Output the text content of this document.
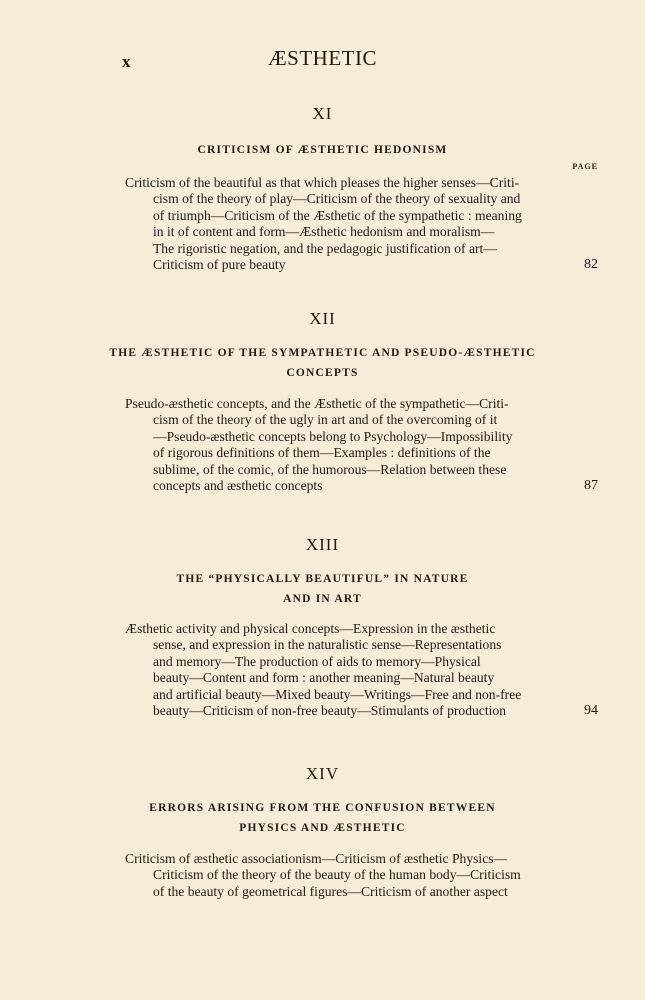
x	ÆSTHETIC
XI
CRITICISM OF ÆSTHETIC HEDONISM
PAGE
Criticism of the beautiful as that which pleases the higher senses—Criti-
cism of the theory of play—Criticism of the theory of sexuality and
of triumph—Criticism of the Æsthetic of the sympathetic : meaning
in it of content and form—Æsthetic hedonism and moralism—
The rigoristic negation, and the pedagogic justification of art—
Criticism of pure beauty	82
XII
THE ÆSTHETIC OF THE SYMPATHETIC AND PSEUDO-ÆSTHETIC
CONCEPTS
Pseudo-æsthetic concepts, and the Æsthetic of the sympathetic—Criti-
cism of the theory of the ugly in art and of the overcoming of it
—Pseudo-æsthetic concepts belong to Psychology—Impossibility
of rigorous definitions of them—Examples : definitions of the
sublime, of the comic, of the humorous—Relation between these
concepts and æsthetic concepts	87
XIII
THE “PHYSICALLY BEAUTIFUL” IN NATURE
AND IN ART
Æsthetic activity and physical concepts—Expression in the æsthetic
sense, and expression in the naturalistic sense—Representations
and memory—The production of aids to memory—Physical
beauty—Content and form : another meaning—Natural beauty
and artificial beauty—Mixed beauty—Writings—Free and non-free
beauty—Criticism of non-free beauty—Stimulants of production	94
XIV
ERRORS ARISING FROM THE CONFUSION BETWEEN
PHYSICS AND ÆSTHETIC
Criticism of æsthetic associationism—Criticism of æsthetic Physics—
Criticism of the theory of the beauty of the human body—Criticism
of the beauty of geometrical figures—Criticism of another aspect
